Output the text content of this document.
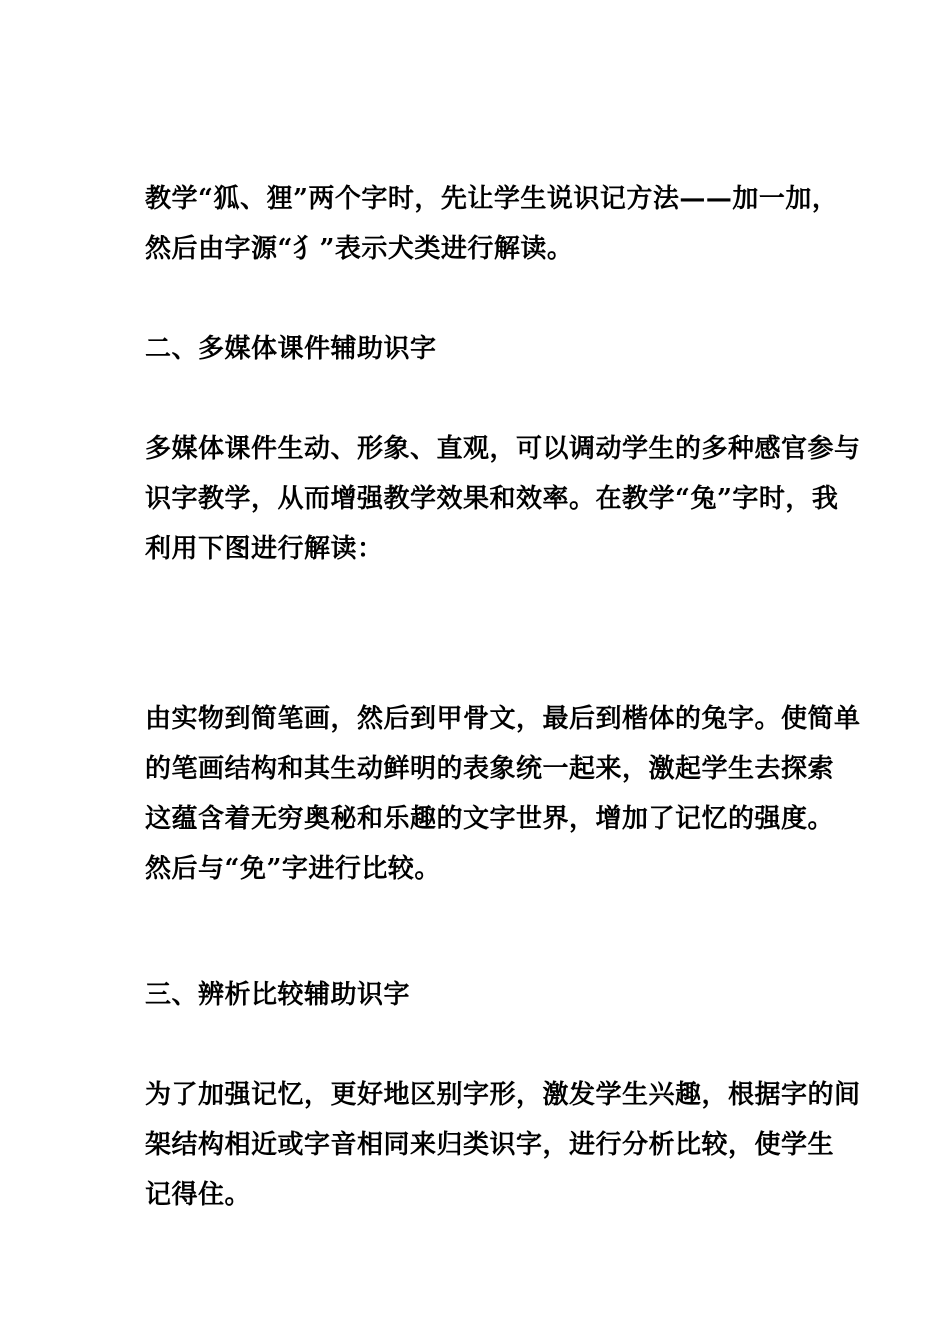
教学“狐、狸”两个字时，先让学生说识记方法——加一加，
然后由字源“犭”表示犬类进行解读。

二、多媒体课件辅助识字

多媒体课件生动、形象、直观，可以调动学生的多种感官参与
识字教学，从而增强教学效果和效率。在教学“兔”字时，我
利用下图进行解读：

由实物到简笔画，然后到甲骨文，最后到楷体的兔字。使简单
的笔画结构和其生动鲜明的表象统一起来，激起学生去探索
这蕴含着无穷奥秘和乐趣的文字世界，增加了记忆的强度。
然后与“免”字进行比较。

三、辨析比较辅助识字

为了加强记忆，更好地区别字形，激发学生兴趣，根据字的间
架结构相近或字音相同来归类识字，进行分析比较，使学生
记得住。
